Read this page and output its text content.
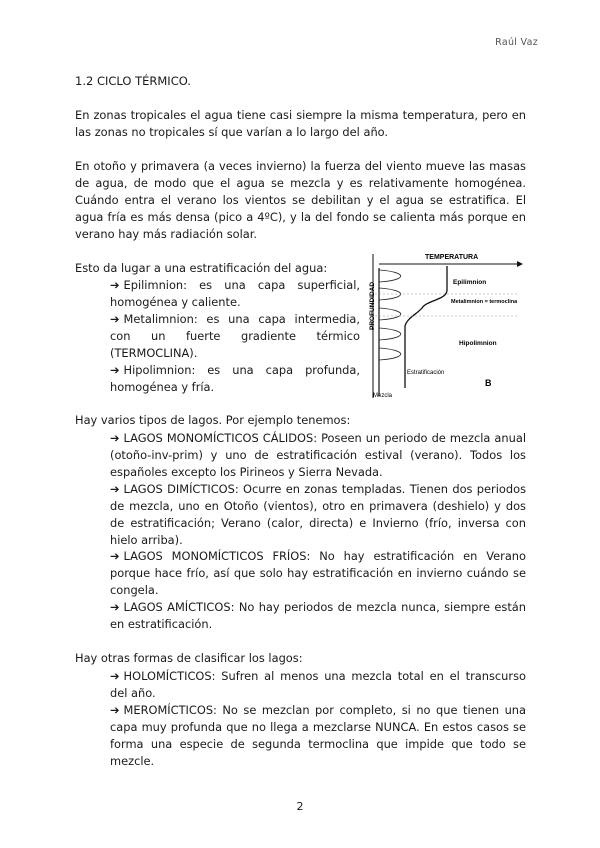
Raúl Vaz
1.2 CICLO TÉRMICO.

En zonas tropicales el agua tiene casi siempre la misma temperatura, pero en las zonas no tropicales sí que varían a lo largo del año.

En otoño y primavera (a veces invierno) la fuerza del viento mueve las masas de agua, de modo que el agua se mezcla y es relativamente homogénea. Cuándo entra el verano los vientos se debilitan y el agua se estratifica. El agua fría es más densa (pico a 4ºC), y la del fondo se calienta más porque en verano hay más radiación solar.

Esto da lugar a una estratificación del agua:
➔ Epilimnion: es una capa superficial, homogénea y caliente.
➔ Metalimnion: es una capa intermedia, con un fuerte gradiente térmico (TERMOCLINA).
➔ Hipolimnion: es una capa profunda, homogénea y fría.
TEMPERATURA
PROFUNDIDAD	Epilimnion
Metalimnion = termoclina
Hipolimnion
Estratificación
Mezcla
B
Hay varios tipos de lagos. Por ejemplo tenemos:
➔ LAGOS MONOMÍCTICOS CÁLIDOS: Poseen un periodo de mezcla anual (otoño-inv-prim) y uno de estratificación estival (verano). Todos los españoles excepto los Pirineos y Sierra Nevada.
➔ LAGOS DIMÍCTICOS: Ocurre en zonas templadas. Tienen dos periodos de mezcla, uno en Otoño (vientos), otro en primavera (deshielo) y dos de estratificación; Verano (calor, directa) e Invierno (frío, inversa con hielo arriba).
➔ LAGOS MONOMÍCTICOS FRÍOS: No hay estratificación en Verano porque hace frío, así que solo hay estratificación en invierno cuándo se congela.
➔ LAGOS AMÍCTICOS: No hay periodos de mezcla nunca, siempre están en estratificación.
Hay otras formas de clasificar los lagos:
➔ HOLOMÍCTICOS: Sufren al menos una mezcla total en el transcurso del año.
➔ MEROMÍCTICOS: No se mezclan por completo, si no que tienen una capa muy profunda que no llega a mezclarse NUNCA. En estos casos se forma una especie de segunda termoclina que impide que todo se mezcle.
2
